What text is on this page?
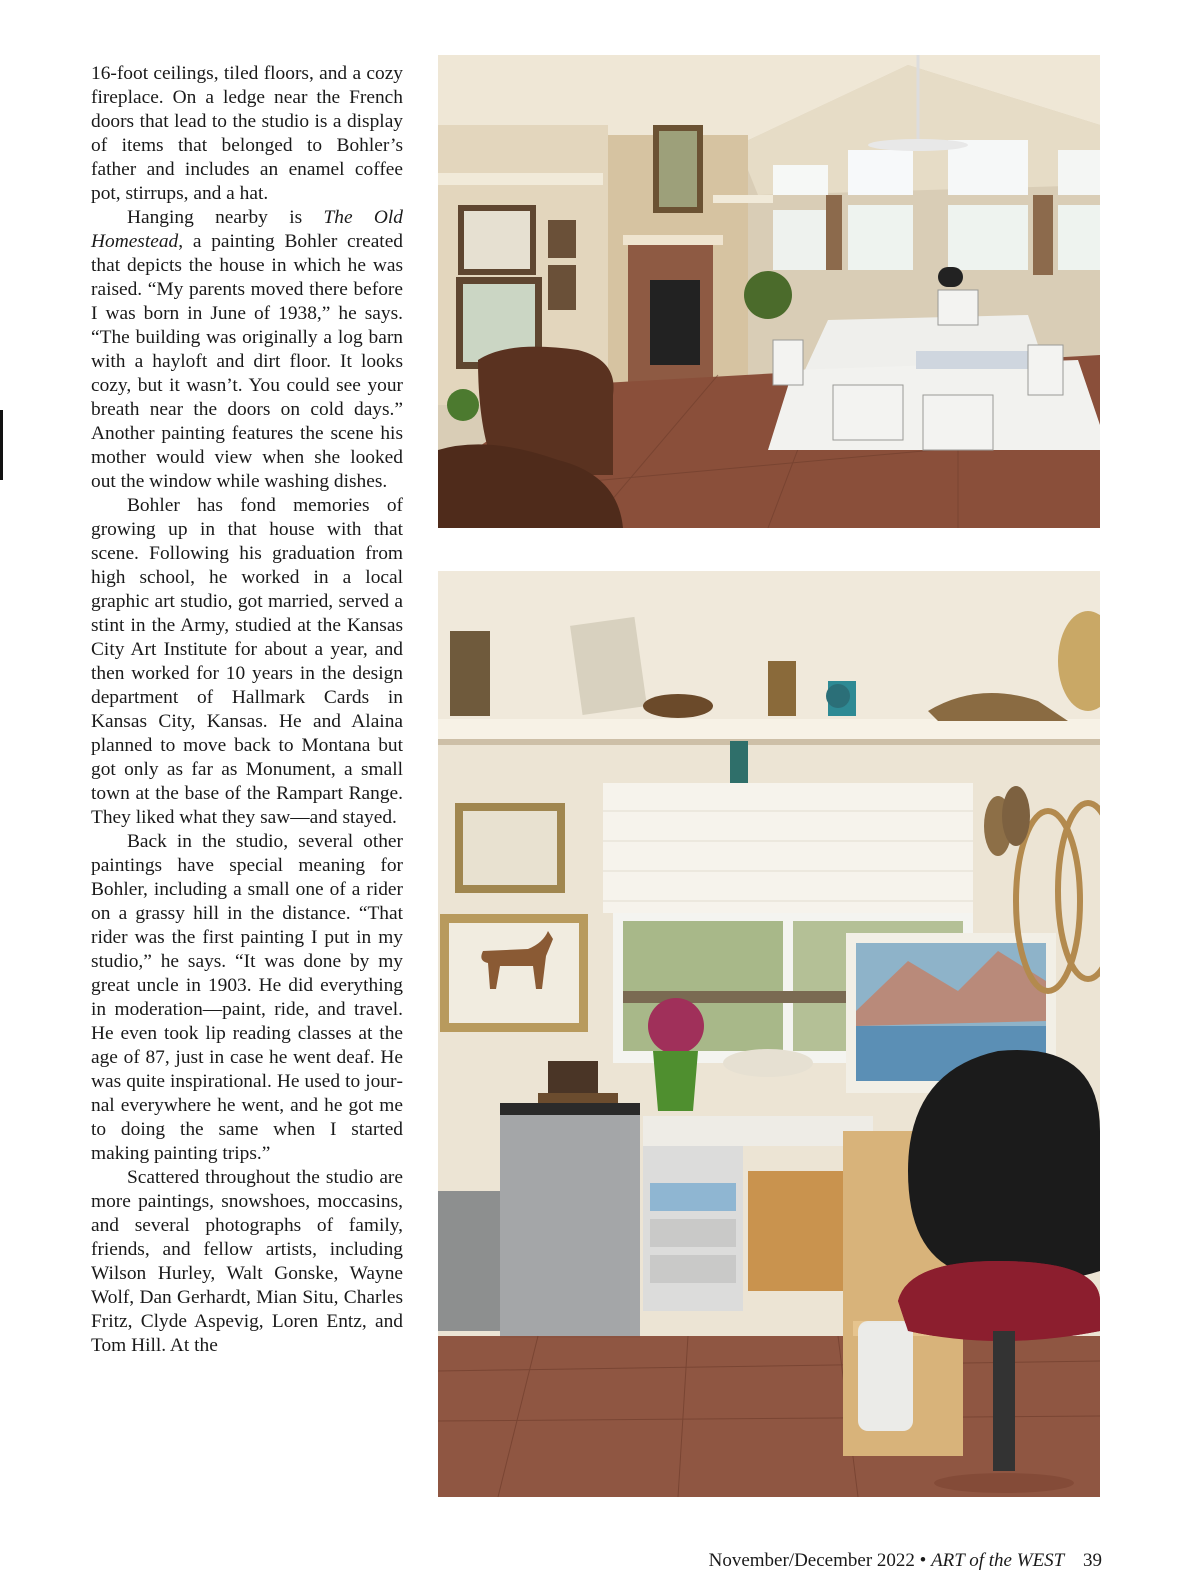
16-foot ceilings, tiled floors, and a cozy fireplace. On a ledge near the French doors that lead to the studio is a display of items that belonged to Bohler’s father and includes an enamel coffee pot, stirrups, and a hat.

Hanging nearby is The Old Homestead, a painting Bohler created that depicts the house in which he was raised. “My parents moved there before I was born in June of 1938,” he says. “The building was originally a log barn with a hayloft and dirt floor. It looks cozy, but it wasn’t. You could see your breath near the doors on cold days.” Another painting features the scene his mother would view when she looked out the window while washing dishes.

Bohler has fond memories of growing up in that house with that scene. Following his graduation from high school, he worked in a local graphic art studio, got married, served a stint in the Army, studied at the Kansas City Art Institute for about a year, and then worked for 10 years in the design department of Hallmark Cards in Kansas City, Kansas. He and Alaina planned to move back to Montana but got only as far as Monument, a small town at the base of the Rampart Range. They liked what they saw—and stayed.

Back in the studio, several other paintings have special meaning for Bohler, including a small one of a rider on a grassy hill in the distance. “That rider was the first painting I put in my studio,” he says. “It was done by my great uncle in 1903. He did everything in moderation—paint, ride, and travel. He even took lip reading classes at the age of 87, just in case he went deaf. He was quite inspirational. He used to journal everywhere he went, and he got me to doing the same when I started making painting trips.”

Scattered throughout the studio are more paintings, snowshoes, moccasins, and several photographs of family, friends, and fellow artists, including Wilson Hurley, Walt Gonske, Wayne Wolf, Dan Gerhardt, Mian Situ, Charles Fritz, Clyde Aspevig, Loren Entz, and Tom Hill. At the

November/December 2022 • ART of the WEST 39
